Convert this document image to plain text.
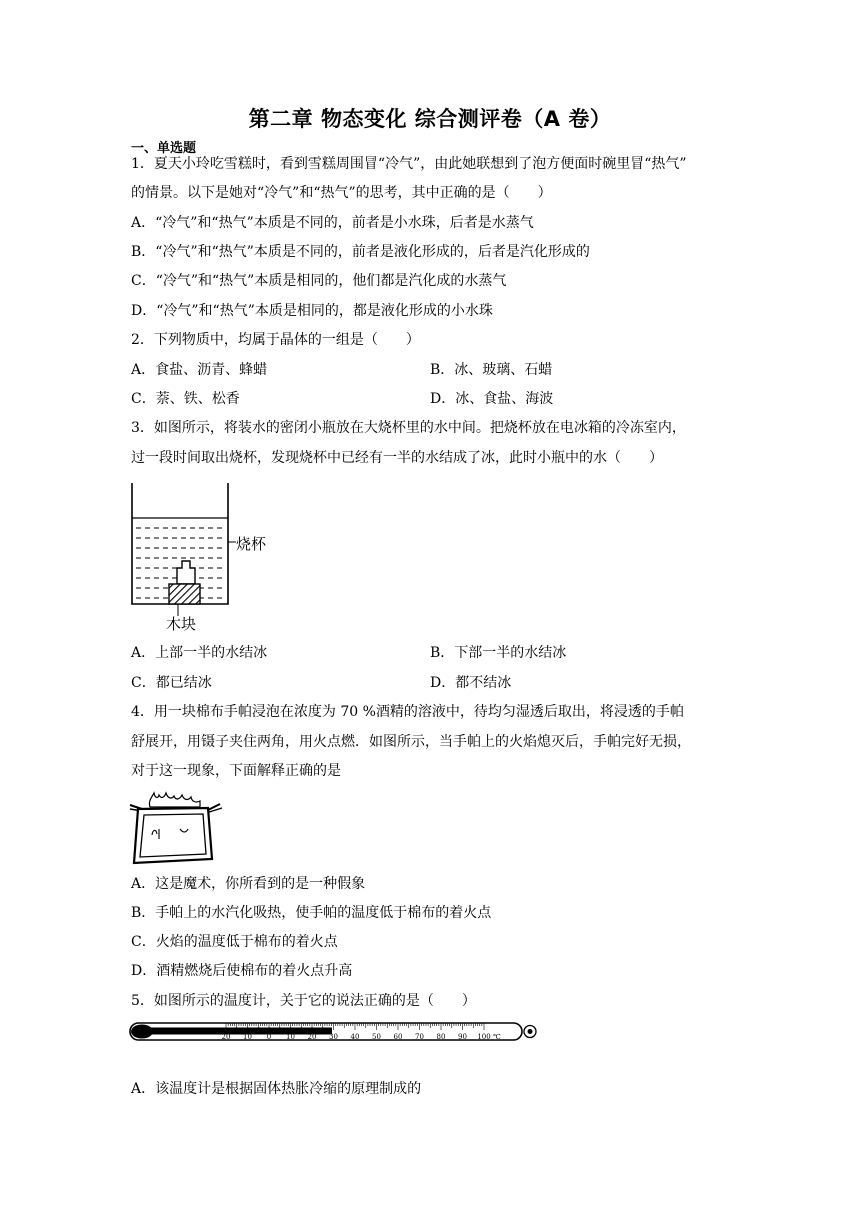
第二章 物态变化 综合测评卷（A 卷）
一、单选题
1．夏天小玲吃雪糕时，看到雪糕周围冒“冷气”，由此她联想到了泡方便面时碗里冒“热气”
的情景。以下是她对“冷气”和“热气”的思考，其中正确的是（　　）
A．“冷气”和“热气”本质是不同的，前者是小水珠，后者是水蒸气
B．“冷气”和“热气”本质是不同的，前者是液化形成的，后者是汽化形成的
C．“冷气”和“热气”本质是相同的，他们都是汽化成的水蒸气
D．“冷气”和“热气”本质是相同的，都是液化形成的小水珠
2．下列物质中，均属于晶体的一组是（　　）
A．食盐、沥青、蜂蜡	B．冰、玻璃、石蜡
C．萘、铁、松香	D．冰、食盐、海波
3．如图所示，将装水的密闭小瓶放在大烧杯里的水中间。把烧杯放在电冰箱的冷冻室内，
过一段时间取出烧杯，发现烧杯中已经有一半的水结成了冰，此时小瓶中的水（　　）
烧杯
木块
A．上部一半的水结冰	B．下部一半的水结冰
C．都已结冰	D．都不结冰
4．用一块棉布手帕浸泡在浓度为 70 %酒精的溶液中，待均匀湿透后取出，将浸透的手帕
舒展开，用镊子夹住两角，用火点燃．如图所示，当手帕上的火焰熄灭后，手帕完好无损，
对于这一现象，下面解释正确的是
A．这是魔术，你所看到的是一种假象
B．手帕上的水汽化吸热，使手帕的温度低于棉布的着火点
C．火焰的温度低于棉布的着火点
D．酒精燃烧后使棉布的着火点升高
5．如图所示的温度计，关于它的说法正确的是（　　）
20 10 0 10 20 30 40 50 60 70 80 90 100 ℃
A．该温度计是根据固体热胀冷缩的原理制成的
